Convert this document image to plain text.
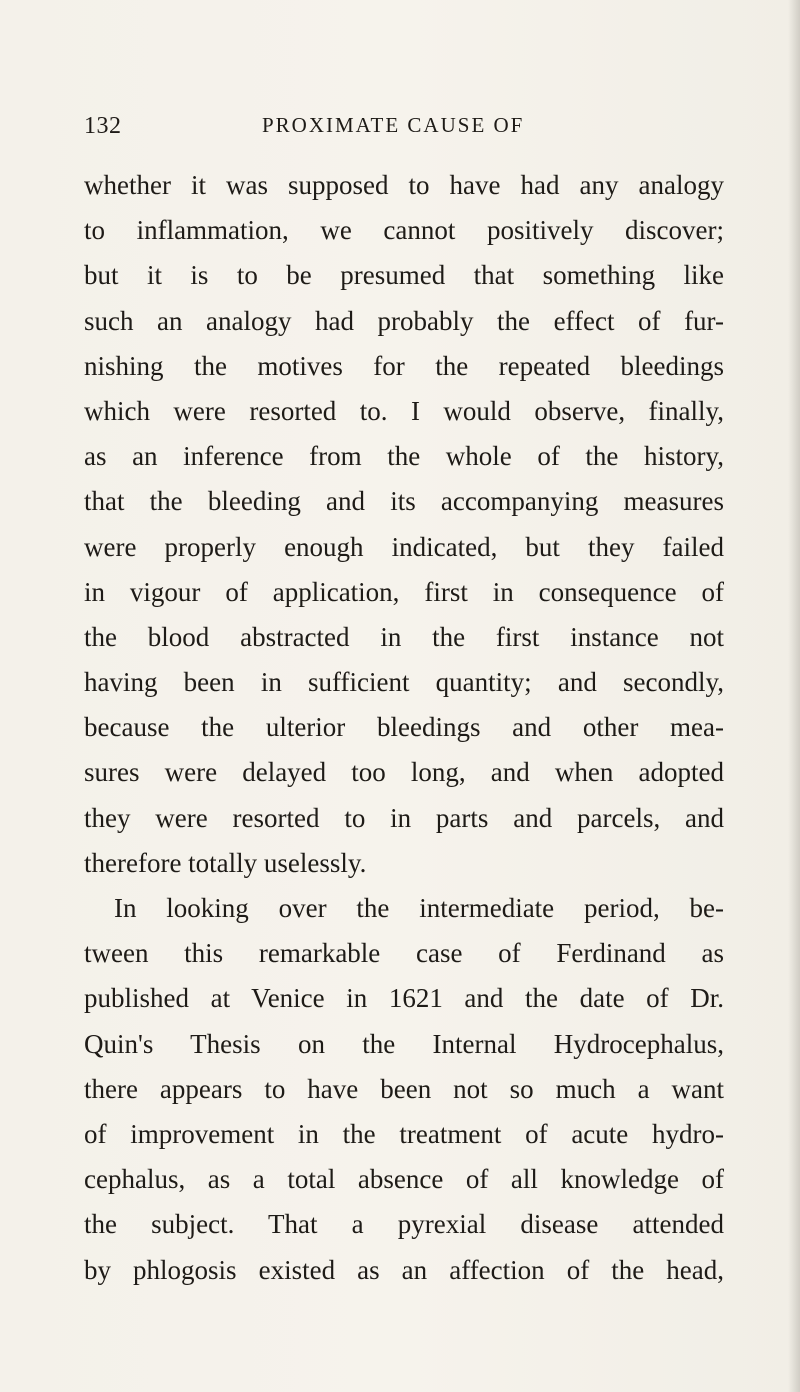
132	PROXIMATE CAUSE OF
whether it was supposed to have had any analogy
to inflammation, we cannot positively discover;
but it is to be presumed that something like
such an analogy had probably the effect of fur-
nishing the motives for the repeated bleedings
which were resorted to. I would observe, finally,
as an inference from the whole of the history,
that the bleeding and its accompanying measures
were properly enough indicated, but they failed
in vigour of application, first in consequence of
the blood abstracted in the first instance not
having been in sufficient quantity; and secondly,
because the ulterior bleedings and other mea-
sures were delayed too long, and when adopted
they were resorted to in parts and parcels, and
therefore totally uselessly.
In looking over the intermediate period, be-
tween this remarkable case of Ferdinand as
published at Venice in 1621 and the date of Dr.
Quin's Thesis on the Internal Hydrocephalus,
there appears to have been not so much a want
of improvement in the treatment of acute hydro-
cephalus, as a total absence of all knowledge of
the subject. That a pyrexial disease attended
by phlogosis existed as an affection of the head,
